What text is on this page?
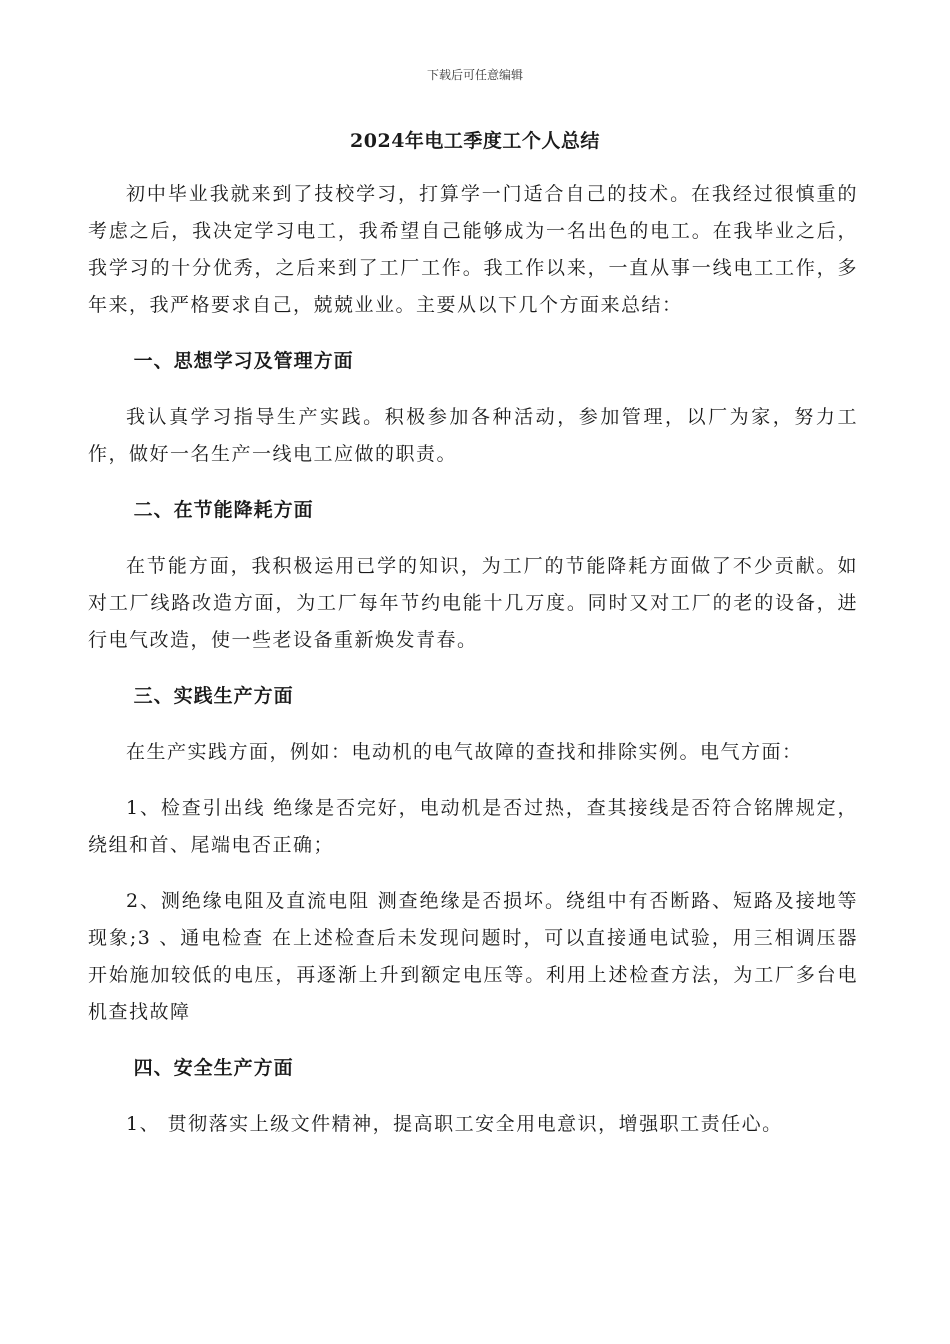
下载后可任意编辑
2024年电工季度工个人总结
初中毕业我就来到了技校学习，打算学一门适合自己的技术。在我经过很慎重的考虑之后，我决定学习电工，我希望自己能够成为一名出色的电工。在我毕业之后，我学习的十分优秀，之后来到了工厂工作。我工作以来，一直从事一线电工工作，多年来，我严格要求自己，兢兢业业。主要从以下几个方面来总结：
一、思想学习及管理方面
我认真学习指导生产实践。积极参加各种活动，参加管理，以厂为家，努力工作，做好一名生产一线电工应做的职责。
二、在节能降耗方面
在节能方面，我积极运用已学的知识，为工厂的节能降耗方面做了不少贡献。如对工厂线路改造方面，为工厂每年节约电能十几万度。同时又对工厂的老的设备，进行电气改造，使一些老设备重新焕发青春。
三、实践生产方面
在生产实践方面，例如：电动机的电气故障的查找和排除实例。电气方面：
1、检查引出线 绝缘是否完好，电动机是否过热，查其接线是否符合铭牌规定，绕组和首、尾端电否正确；
2、测绝缘电阻及直流电阻 测查绝缘是否损坏。绕组中有否断路、短路及接地等现象;3 、通电检查 在上述检查后未发现问题时，可以直接通电试验，用三相调压器开始施加较低的电压，再逐渐上升到额定电压等。利用上述检查方法，为工厂多台电机查找故障
四、安全生产方面
1、 贯彻落实上级文件精神，提高职工安全用电意识，增强职工责任心。
